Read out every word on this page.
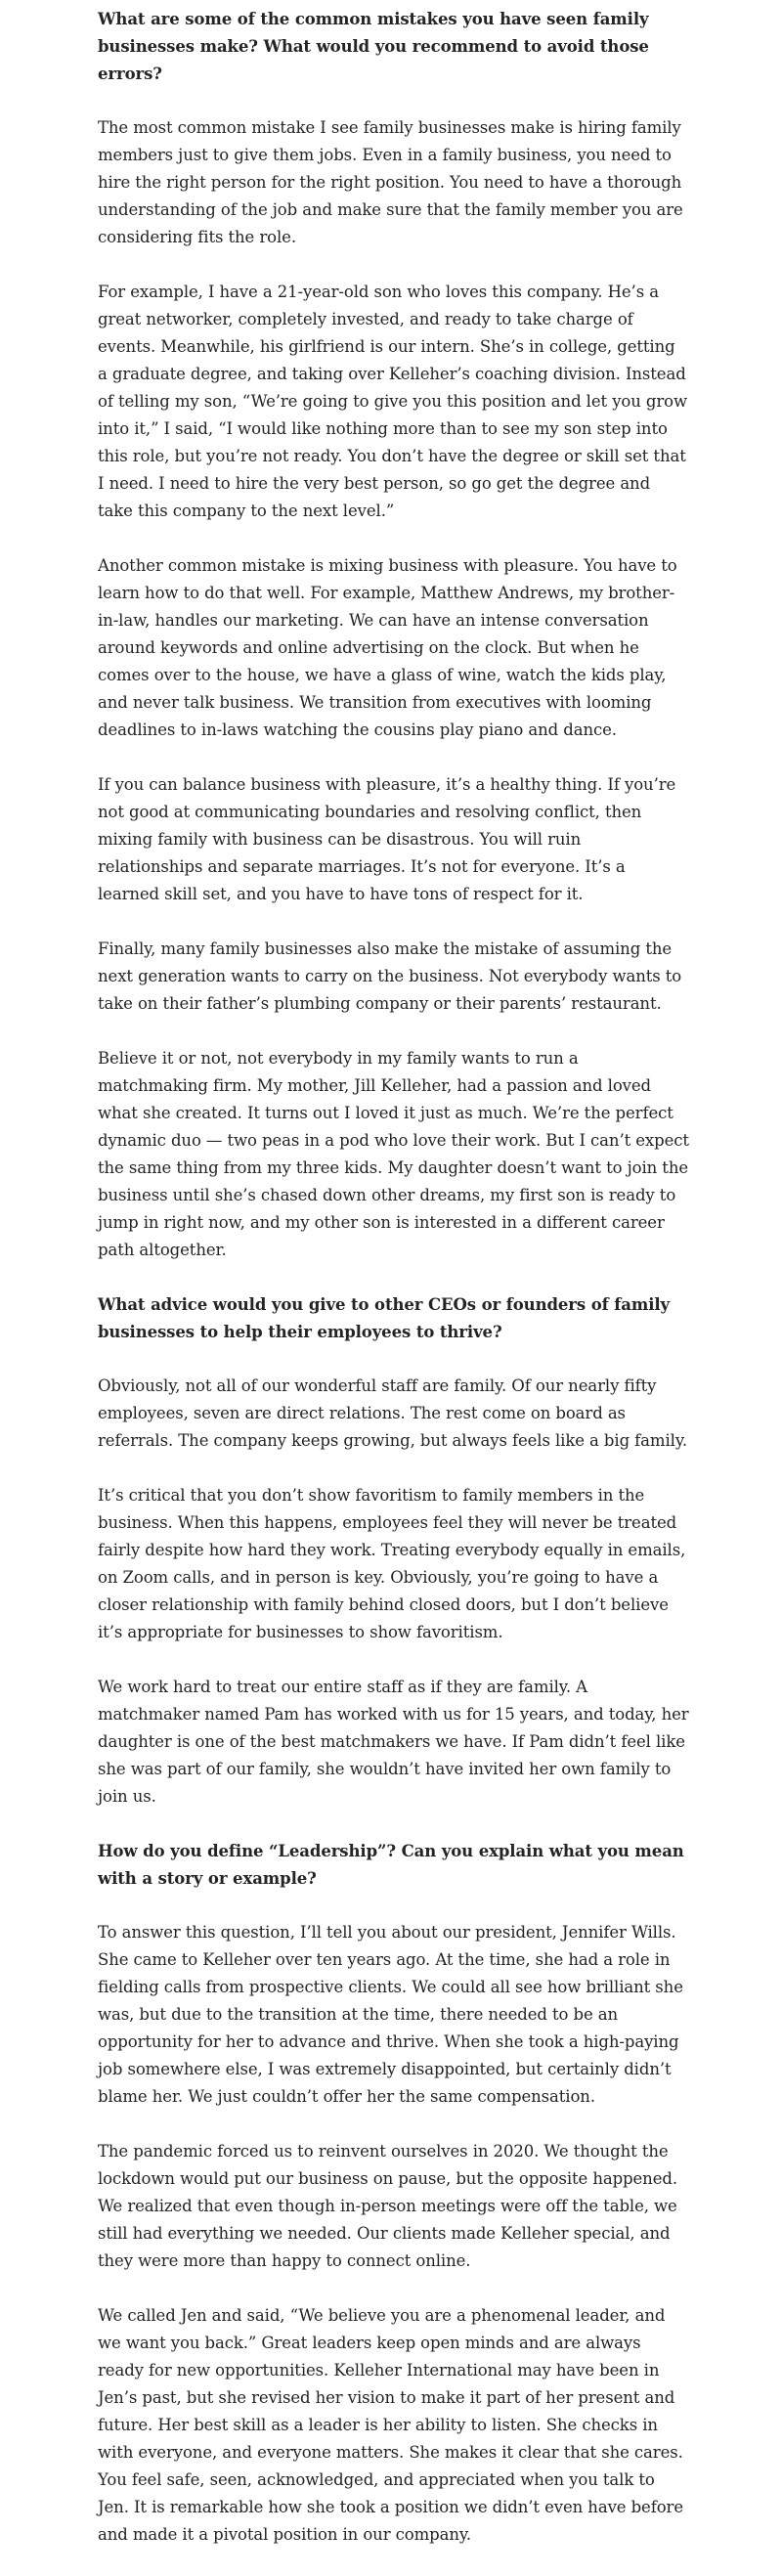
What are some of the common mistakes you have seen family businesses make? What would you recommend to avoid those errors?

The most common mistake I see family businesses make is hiring family members just to give them jobs. Even in a family business, you need to hire the right person for the right position. You need to have a thorough understanding of the job and make sure that the family member you are considering fits the role.

For example, I have a 21-year-old son who loves this company. He’s a great networker, completely invested, and ready to take charge of events. Meanwhile, his girlfriend is our intern. She’s in college, getting a graduate degree, and taking over Kelleher’s coaching division. Instead of telling my son, “We’re going to give you this position and let you grow into it,” I said, “I would like nothing more than to see my son step into this role, but you’re not ready. You don’t have the degree or skill set that I need. I need to hire the very best person, so go get the degree and take this company to the next level.”

Another common mistake is mixing business with pleasure. You have to learn how to do that well. For example, Matthew Andrews, my brother-in-law, handles our marketing. We can have an intense conversation around keywords and online advertising on the clock. But when he comes over to the house, we have a glass of wine, watch the kids play, and never talk business. We transition from executives with looming deadlines to in-laws watching the cousins play piano and dance.

If you can balance business with pleasure, it’s a healthy thing. If you’re not good at communicating boundaries and resolving conflict, then mixing family with business can be disastrous. You will ruin relationships and separate marriages. It’s not for everyone. It’s a learned skill set, and you have to have tons of respect for it.

Finally, many family businesses also make the mistake of assuming the next generation wants to carry on the business. Not everybody wants to take on their father’s plumbing company or their parents’ restaurant.

Believe it or not, not everybody in my family wants to run a matchmaking firm. My mother, Jill Kelleher, had a passion and loved what she created. It turns out I loved it just as much. We’re the perfect dynamic duo — two peas in a pod who love their work. But I can’t expect the same thing from my three kids. My daughter doesn’t want to join the business until she’s chased down other dreams, my first son is ready to jump in right now, and my other son is interested in a different career path altogether.

What advice would you give to other CEOs or founders of family businesses to help their employees to thrive?

Obviously, not all of our wonderful staff are family. Of our nearly fifty employees, seven are direct relations. The rest come on board as referrals. The company keeps growing, but always feels like a big family.

It’s critical that you don’t show favoritism to family members in the business. When this happens, employees feel they will never be treated fairly despite how hard they work. Treating everybody equally in emails, on Zoom calls, and in person is key. Obviously, you’re going to have a closer relationship with family behind closed doors, but I don’t believe it’s appropriate for businesses to show favoritism.

We work hard to treat our entire staff as if they are family. A matchmaker named Pam has worked with us for 15 years, and today, her daughter is one of the best matchmakers we have. If Pam didn’t feel like she was part of our family, she wouldn’t have invited her own family to join us.

How do you define “Leadership”? Can you explain what you mean with a story or example?

To answer this question, I’ll tell you about our president, Jennifer Wills. She came to Kelleher over ten years ago. At the time, she had a role in fielding calls from prospective clients. We could all see how brilliant she was, but due to the transition at the time, there needed to be an opportunity for her to advance and thrive. When she took a high-paying job somewhere else, I was extremely disappointed, but certainly didn’t blame her. We just couldn’t offer her the same compensation.

The pandemic forced us to reinvent ourselves in 2020. We thought the lockdown would put our business on pause, but the opposite happened. We realized that even though in-person meetings were off the table, we still had everything we needed. Our clients made Kelleher special, and they were more than happy to connect online.

We called Jen and said, “We believe you are a phenomenal leader, and we want you back.” Great leaders keep open minds and are always ready for new opportunities. Kelleher International may have been in Jen’s past, but she revised her vision to make it part of her present and future. Her best skill as a leader is her ability to listen. She checks in with everyone, and everyone matters. She makes it clear that she cares. You feel safe, seen, acknowledged, and appreciated when you talk to Jen. It is remarkable how she took a position we didn’t even have before and made it a pivotal position in our company.
